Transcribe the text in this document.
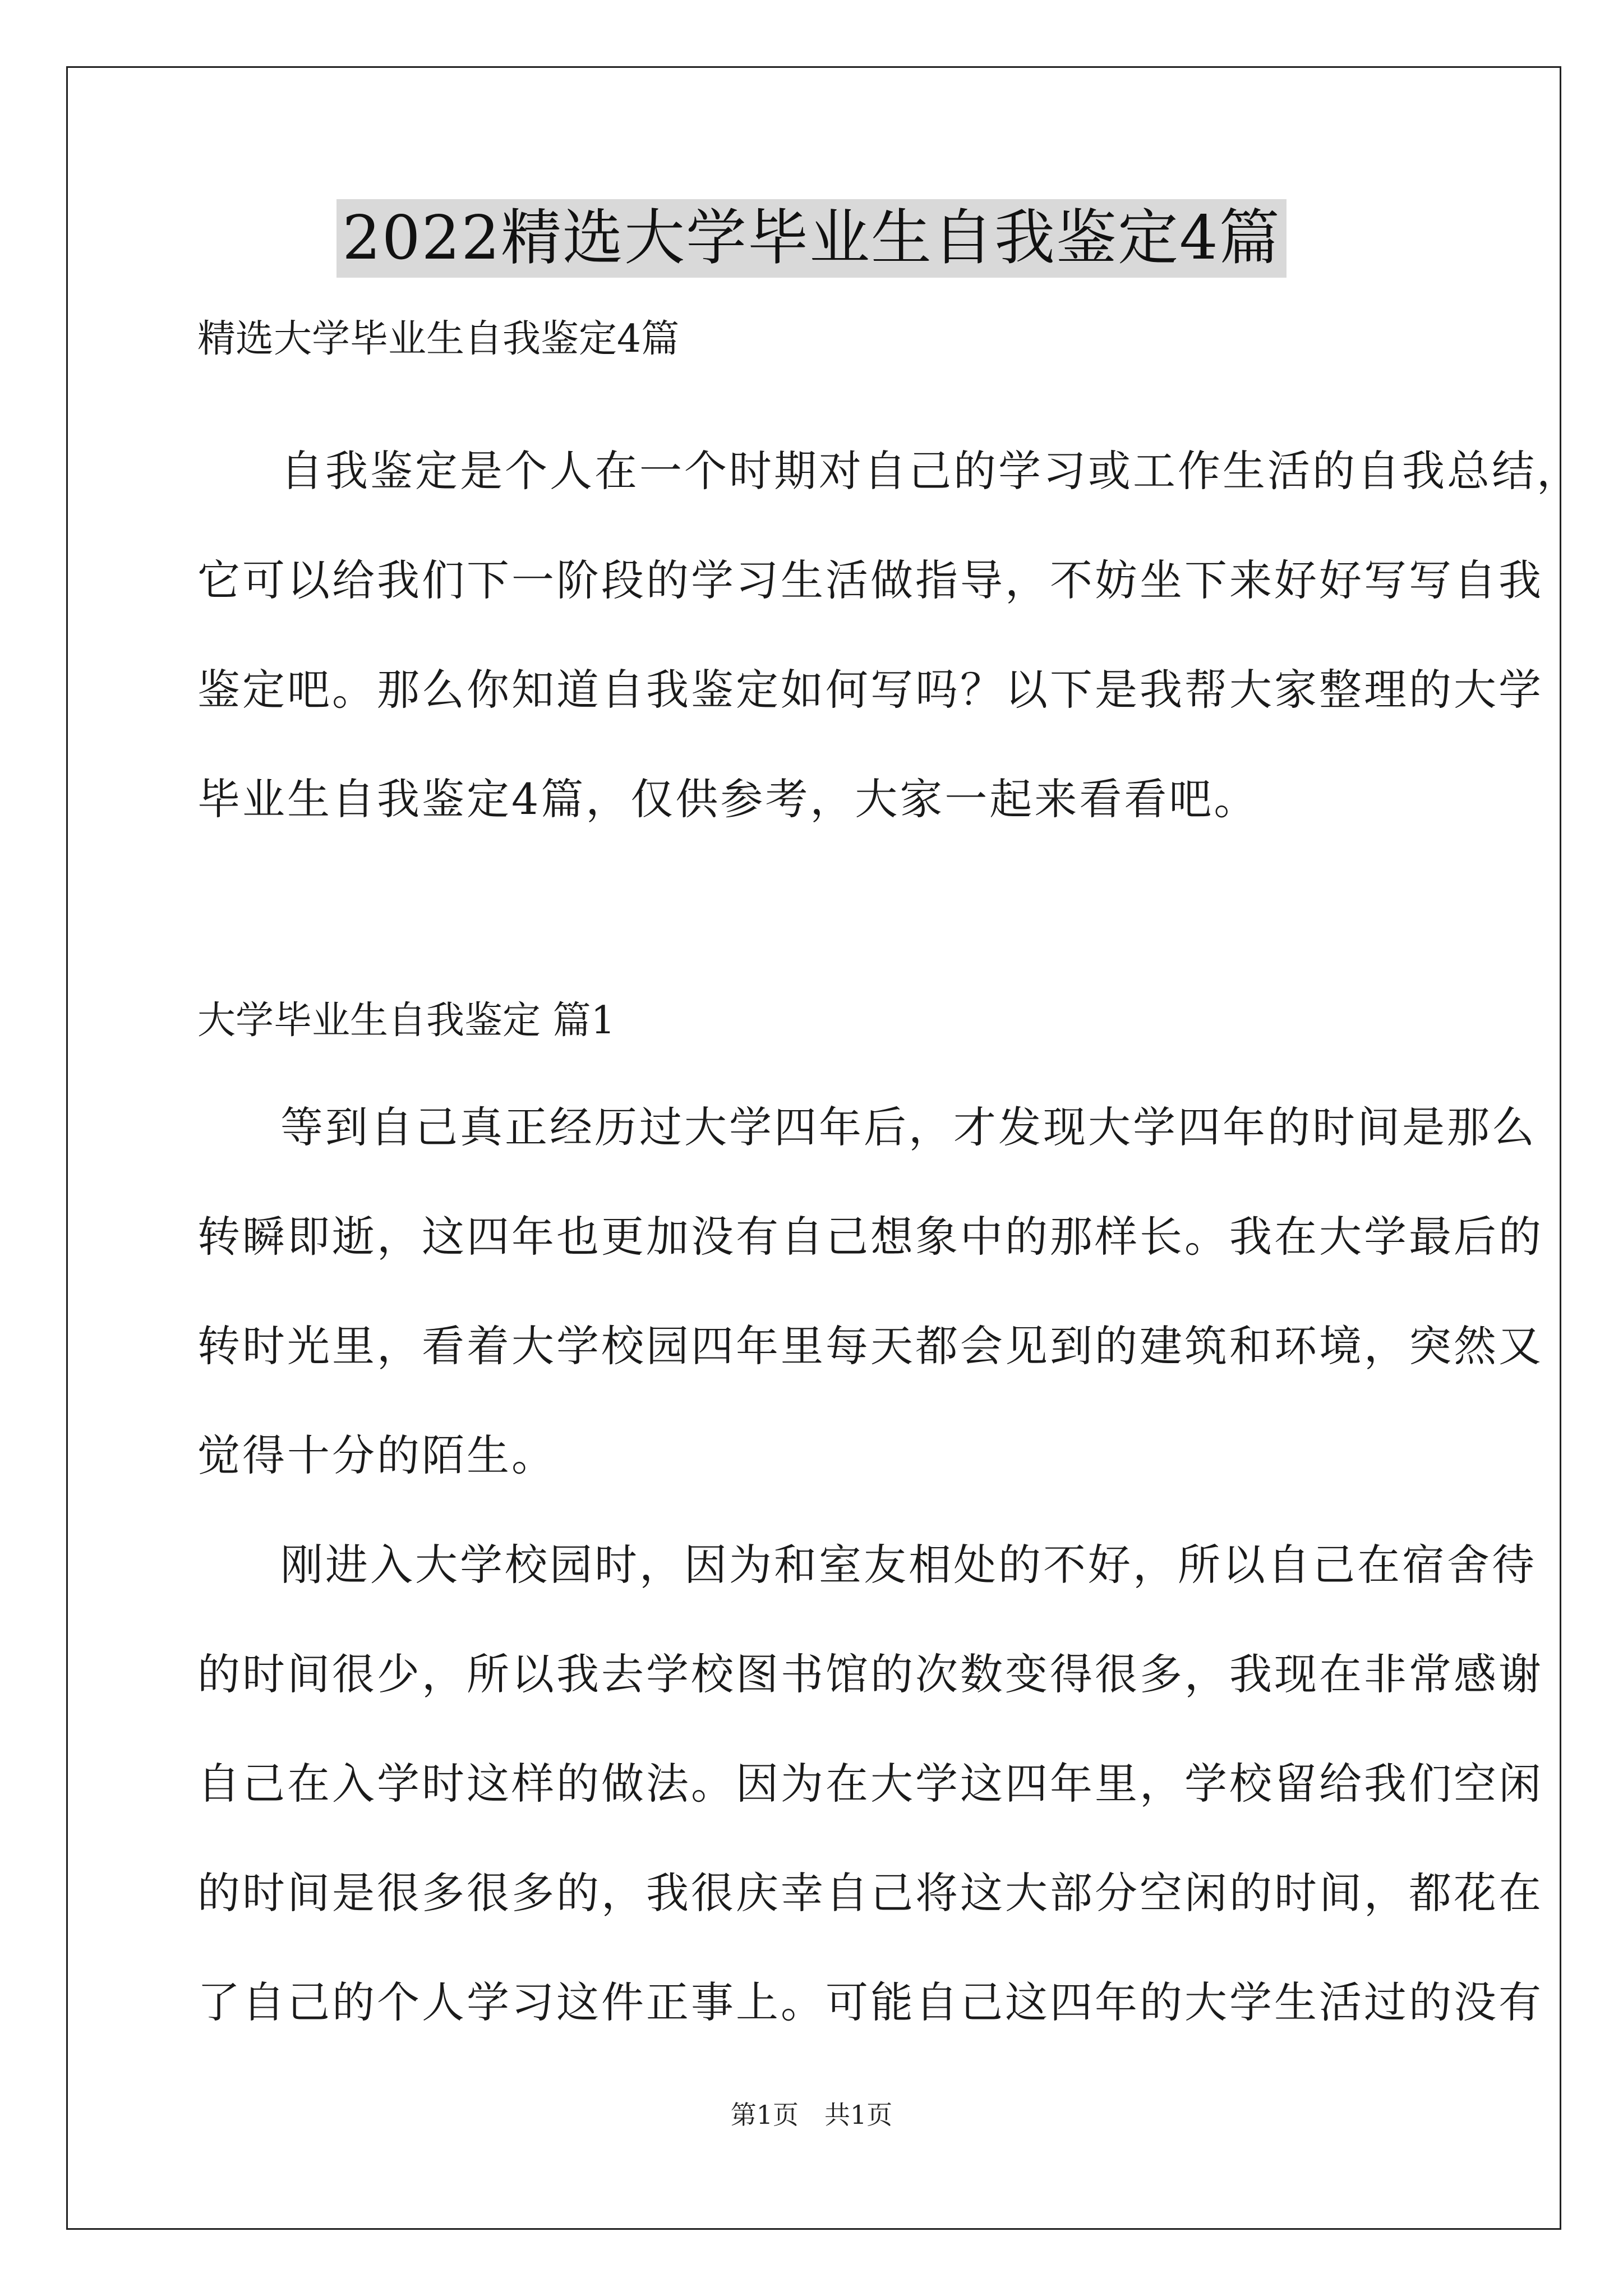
2022精选大学毕业生自我鉴定4篇

精选大学毕业生自我鉴定4篇

自我鉴定是个人在一个时期对自己的学习或工作生活的自我总结，

它可以给我们下一阶段的学习生活做指导，不妨坐下来好好写写自我

鉴定吧。那么你知道自我鉴定如何写吗？以下是我帮大家整理的大学

毕业生自我鉴定4篇，仅供参考，大家一起来看看吧。

大学毕业生自我鉴定 篇1

等到自己真正经历过大学四年后，才发现大学四年的时间是那么

转瞬即逝，这四年也更加没有自己想象中的那样长。我在大学最后的

转时光里，看着大学校园四年里每天都会见到的建筑和环境，突然又

觉得十分的陌生。

刚进入大学校园时，因为和室友相处的不好，所以自己在宿舍待

的时间很少，所以我去学校图书馆的次数变得很多，我现在非常感谢

自己在入学时这样的做法。因为在大学这四年里，学校留给我们空闲

的时间是很多很多的，我很庆幸自己将这大部分空闲的时间，都花在

了自己的个人学习这件正事上。可能自己这四年的大学生活过的没有

第1页　共1页
